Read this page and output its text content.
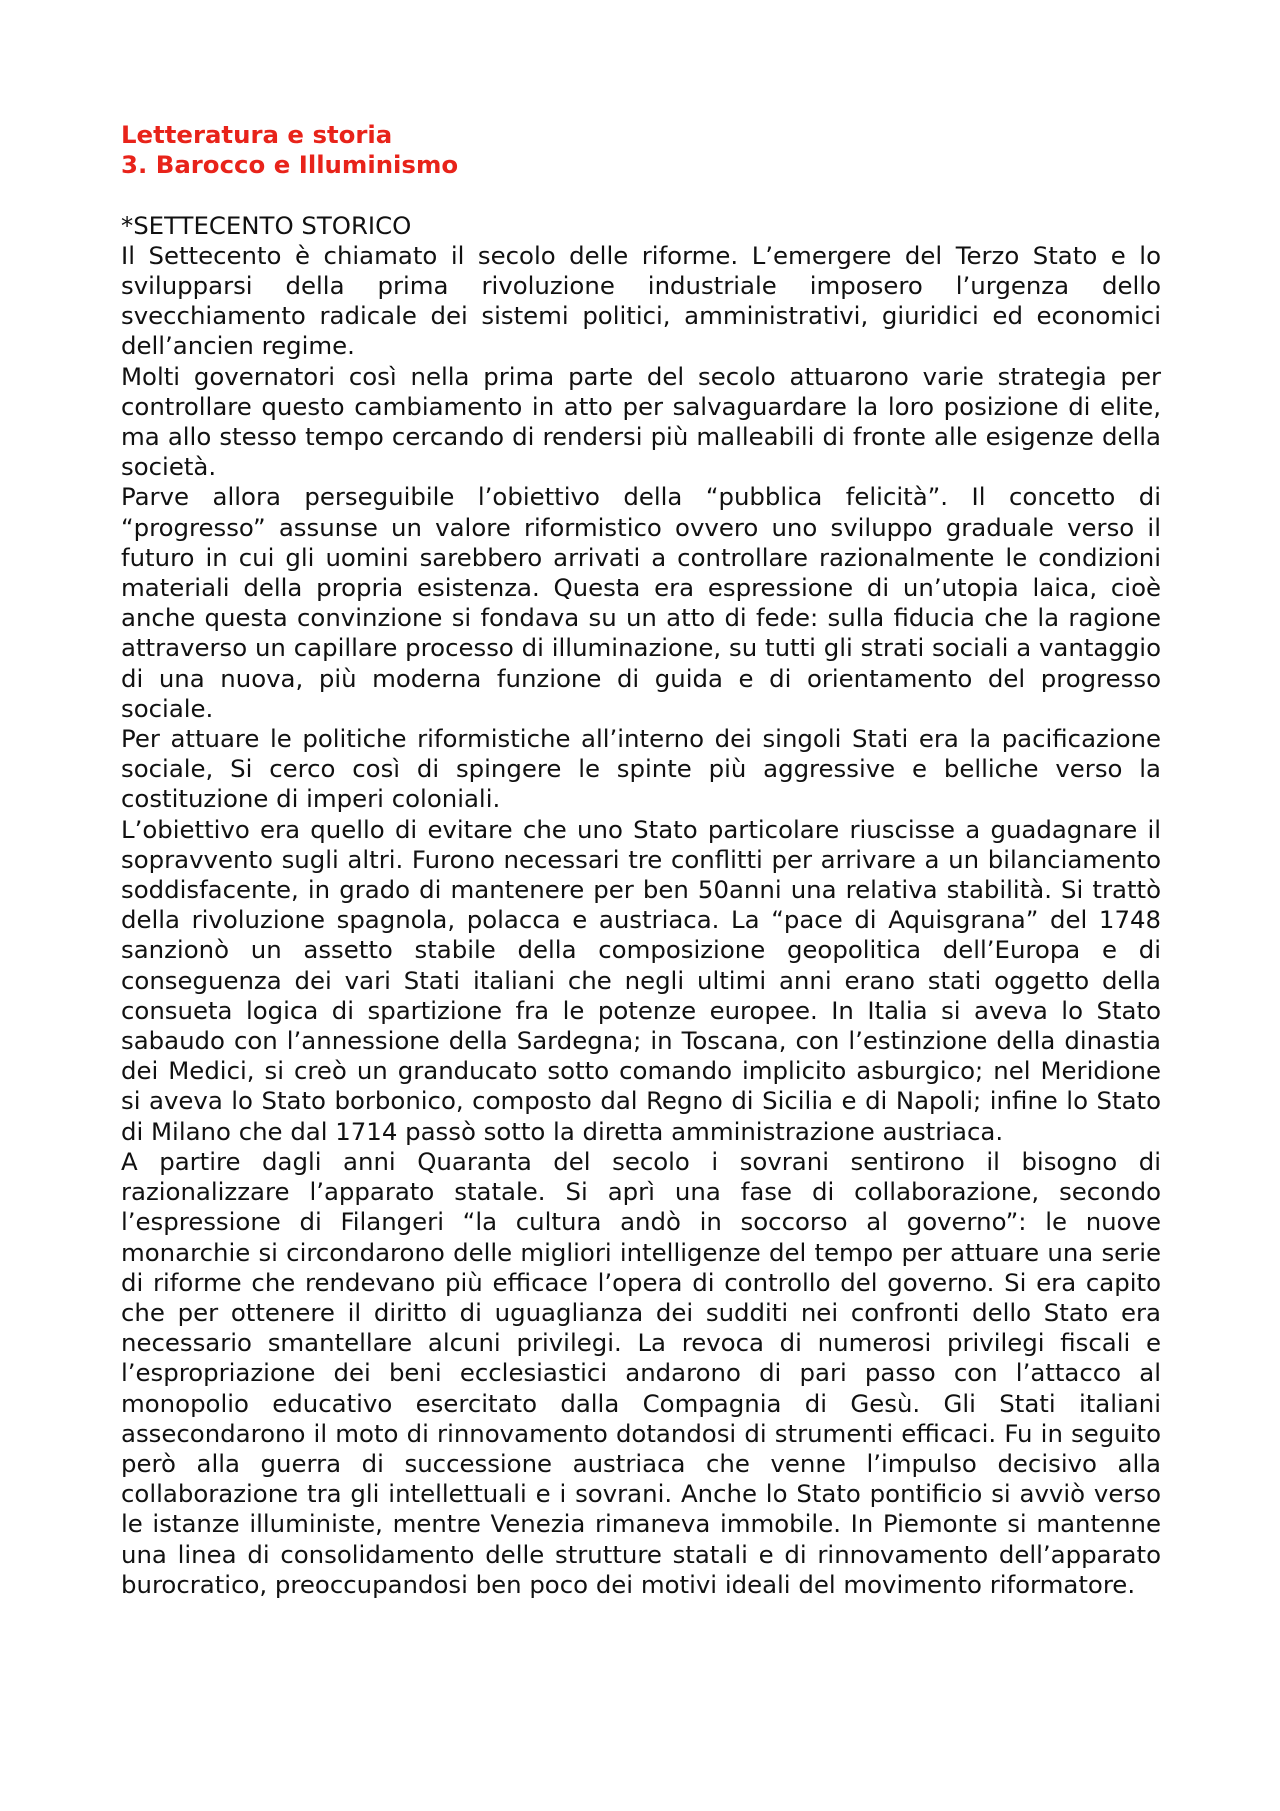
Letteratura e storia

3. Barocco e Illuminismo

*SETTECENTO STORICO

Il Settecento è chiamato il secolo delle riforme. L’emergere del Terzo Stato e lo svilupparsi della prima rivoluzione industriale imposero l’urgenza dello svecchiamento radicale dei sistemi politici, amministrativi, giuridici ed economici dell’ancien regime.

Molti governatori così nella prima parte del secolo attuarono varie strategia per controllare questo cambiamento in atto per salvaguardare la loro posizione di elite, ma allo stesso tempo cercando di rendersi più malleabili di fronte alle esigenze della società.

Parve allora perseguibile l’obiettivo della “pubblica felicità”. Il concetto di “progresso” assunse un valore riformistico ovvero uno sviluppo graduale verso il futuro in cui gli uomini sarebbero arrivati a controllare razionalmente le condizioni materiali della propria esistenza. Questa era espressione di un’utopia laica, cioè anche questa convinzione si fondava su un atto di fede: sulla fiducia che la ragione attraverso un capillare processo di illuminazione, su tutti gli strati sociali a vantaggio di una nuova, più moderna funzione di guida e di orientamento del progresso sociale.

Per attuare le politiche riformistiche all’interno dei singoli Stati era la pacificazione sociale, Si cerco così di spingere le spinte più aggressive e belliche verso la costituzione di imperi coloniali.

L’obiettivo era quello di evitare che uno Stato particolare riuscisse a guadagnare il sopravvento sugli altri. Furono necessari tre conflitti per arrivare a un bilanciamento soddisfacente, in grado di mantenere per ben 50anni una relativa stabilità. Si trattò della rivoluzione spagnola, polacca e austriaca. La “pace di Aquisgrana” del 1748 sanzionò un assetto stabile della composizione geopolitica dell’Europa e di conseguenza dei vari Stati italiani che negli ultimi anni erano stati oggetto della consueta logica di spartizione fra le potenze europee. In Italia si aveva lo Stato sabaudo con l’annessione della Sardegna; in Toscana, con l’estinzione della dinastia dei Medici, si creò un granducato sotto comando implicito asburgico; nel Meridione si aveva lo Stato borbonico, composto dal Regno di Sicilia e di Napoli; infine lo Stato di Milano che dal 1714 passò sotto la diretta amministrazione austriaca.

A partire dagli anni Quaranta del secolo i sovrani sentirono il bisogno di razionalizzare l’apparato statale. Si aprì una fase di collaborazione, secondo l’espressione di Filangeri “la cultura andò in soccorso al governo”: le nuove monarchie si circondarono delle migliori intelligenze del tempo per attuare una serie di riforme che rendevano più efficace l’opera di controllo del governo. Si era capito che per ottenere il diritto di uguaglianza dei sudditi nei confronti dello Stato era necessario smantellare alcuni privilegi. La revoca di numerosi privilegi fiscali e l’espropriazione dei beni ecclesiastici andarono di pari passo con l’attacco al monopolio educativo esercitato dalla Compagnia di Gesù. Gli Stati italiani assecondarono il moto di rinnovamento dotandosi di strumenti efficaci. Fu in seguito però alla guerra di successione austriaca che venne l’impulso decisivo alla collaborazione tra gli intellettuali e i sovrani. Anche lo Stato pontificio si avviò verso le istanze illuministe, mentre Venezia rimaneva immobile. In Piemonte si mantenne una linea di consolidamento delle strutture statali e di rinnovamento dell’apparato burocratico, preoccupandosi ben poco dei motivi ideali del movimento riformatore.
